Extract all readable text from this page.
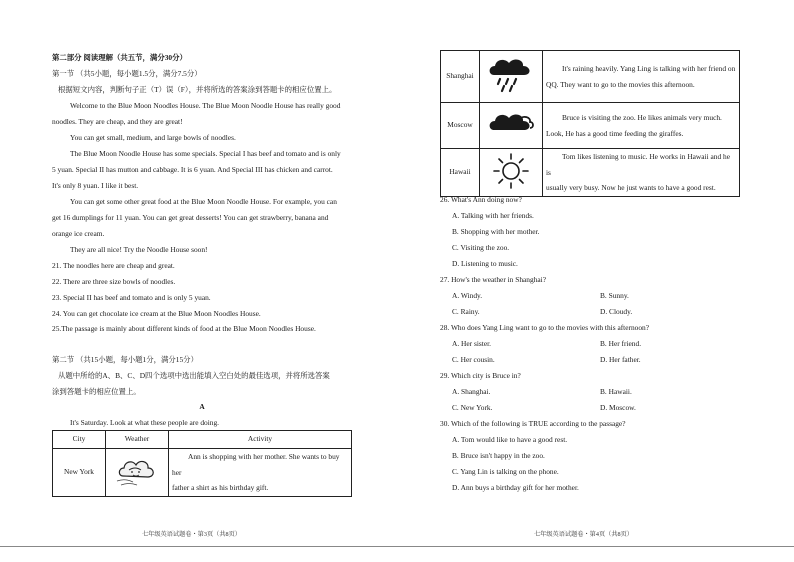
第二部分 阅读理解（共五节，满分30分）
第一节 （共5小题，每小题1.5分，满分7.5分）
根据短文内容，判断句子正（T）误（F），并将所选的答案涂到答题卡的相应位置上。
Welcome to the Blue Moon Noodles House. The Blue Moon Noodle House has really good
noodles. They are cheap, and they are great!
You can get small, medium, and large bowls of noodles.
The Blue Moon Noodle House has some specials. Special I has beef and tomato and is only
5 yuan. Special II has mutton and cabbage. It is 6 yuan. And Special III has chicken and carrot.
It's only 8 yuan. I like it best.
You can get some other great food at the Blue Moon Noodle House. For example, you can
get 16 dumplings for 11 yuan. You can get great desserts! You can get strawberry, banana and
orange ice cream.
They are all nice! Try the Noodle House soon!
21. The noodles here are cheap and great.
22. There are three size bowls of noodles.
23. Special II has beef and tomato and is only 5 yuan.
24. You can get chocolate ice cream at the Blue Moon Noodles House.
25.The passage is mainly about different kinds of food at the Blue Moon Noodles House.
第二节 （共15小题，每小题1分，满分15分）
从题中所给的A、B、C、D四个选项中选出能填入空白处的最佳选项，并将所选答案
涂到答题卡的相应位置上。
A
It's Saturday. Look at what these people are doing.
City	Weather	Activity
New York		Ann is shopping with her mother. She wants to buy her
father a shirt as his birthday gift.
七年级英语试题卷・第3页（共8页）
Shanghai		It's raining heavily. Yang Ling is talking with her friend on
QQ. They want to go to the movies this afternoon.

Moscow		Bruce is visiting the zoo. He likes animals very much.
Look, He has a good time feeding the giraffes.

Hawaii		Tom likes listening to music. He works in Hawaii and he is
usually very busy. Now he just wants to have a good rest.
26. What's Ann doing now?
A. Talking with her friends.
B. Shopping with her mother.
C. Visiting the zoo.
D. Listening to music.
27. How's the weather in Shanghai?
A. Windy.	B. Sunny.
C. Rainy.	D. Cloudy.
28. Who does Yang Ling want to go to the movies with this afternoon?
A. Her sister.	B. Her friend.
C. Her cousin.	D. Her father.
29. Which city is Bruce in?
A. Shanghai.	B. Hawaii.
C. New York.	D. Moscow.
30. Which of the following is TRUE according to the passage?
A. Tom would like to have a good rest.
B. Bruce isn't happy in the zoo.
C. Yang Lin is talking on the phone.
D. Ann buys a birthday gift for her mother.
七年级英语试题卷・第4页（共8页）
